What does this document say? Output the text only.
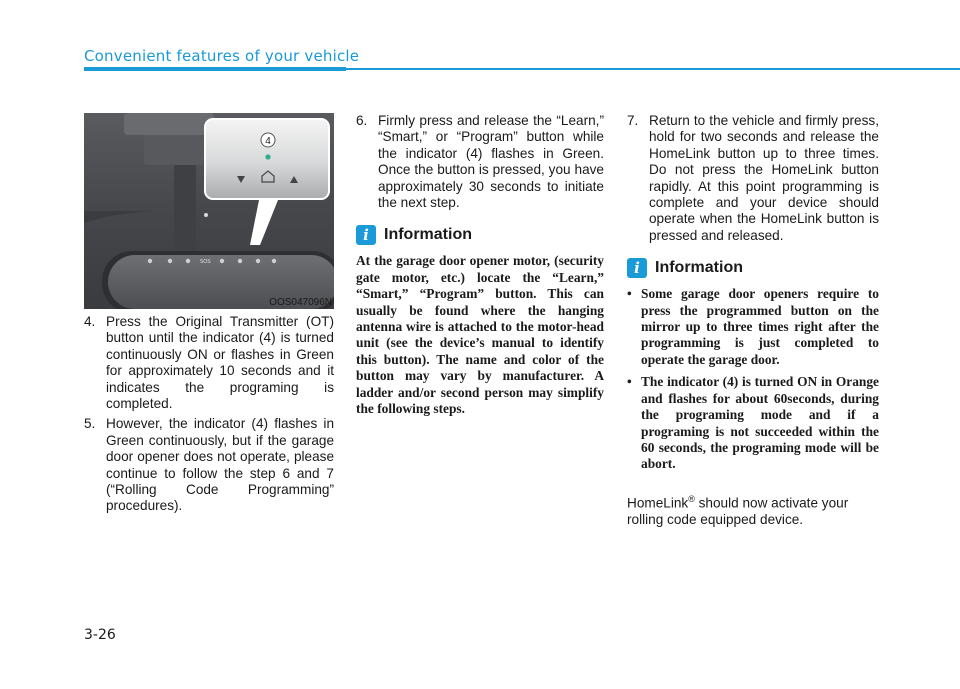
Convenient features of your vehicle
SOS
4
OOS047096N
4. Press the Original Transmitter (OT) button until the indicator (4) is turned continuously ON or flashes in Green for approximately 10 seconds and it indicates the programing is completed.
5. However, the indicator (4) flashes in Green continuously, but if the garage door opener does not operate, please continue to follow the step 6 and 7 (“Rolling Code Programming” procedures).
6. Firmly press and release the “Learn,” “Smart,” or “Program” button while the indicator (4) flashes in Green. Once the button is pressed, you have approximately 30 seconds to initiate the next step.
i Information
At the garage door opener motor, (security gate motor, etc.) locate the “Learn,” “Smart,” “Program” button. This can usually be found where the hanging antenna wire is attached to the motor-head unit (see the device’s manual to identify this button). The name and color of the button may vary by manufacturer. A ladder and/or second person may simplify the following steps.
7. Return to the vehicle and firmly press, hold for two seconds and release the HomeLink button up to three times. Do not press the HomeLink button rapidly. At this point programming is complete and your device should operate when the HomeLink button is pressed and released.
i Information
• Some garage door openers require to press the programmed button on the mirror up to three times right after the programming is just completed to operate the garage door.
• The indicator (4) is turned ON in Orange and flashes for about 60seconds, during the programing mode and if a programing is not succeeded within the 60 seconds, the programing mode will be abort.
HomeLink® should now activate your rolling code equipped device.
3-26
